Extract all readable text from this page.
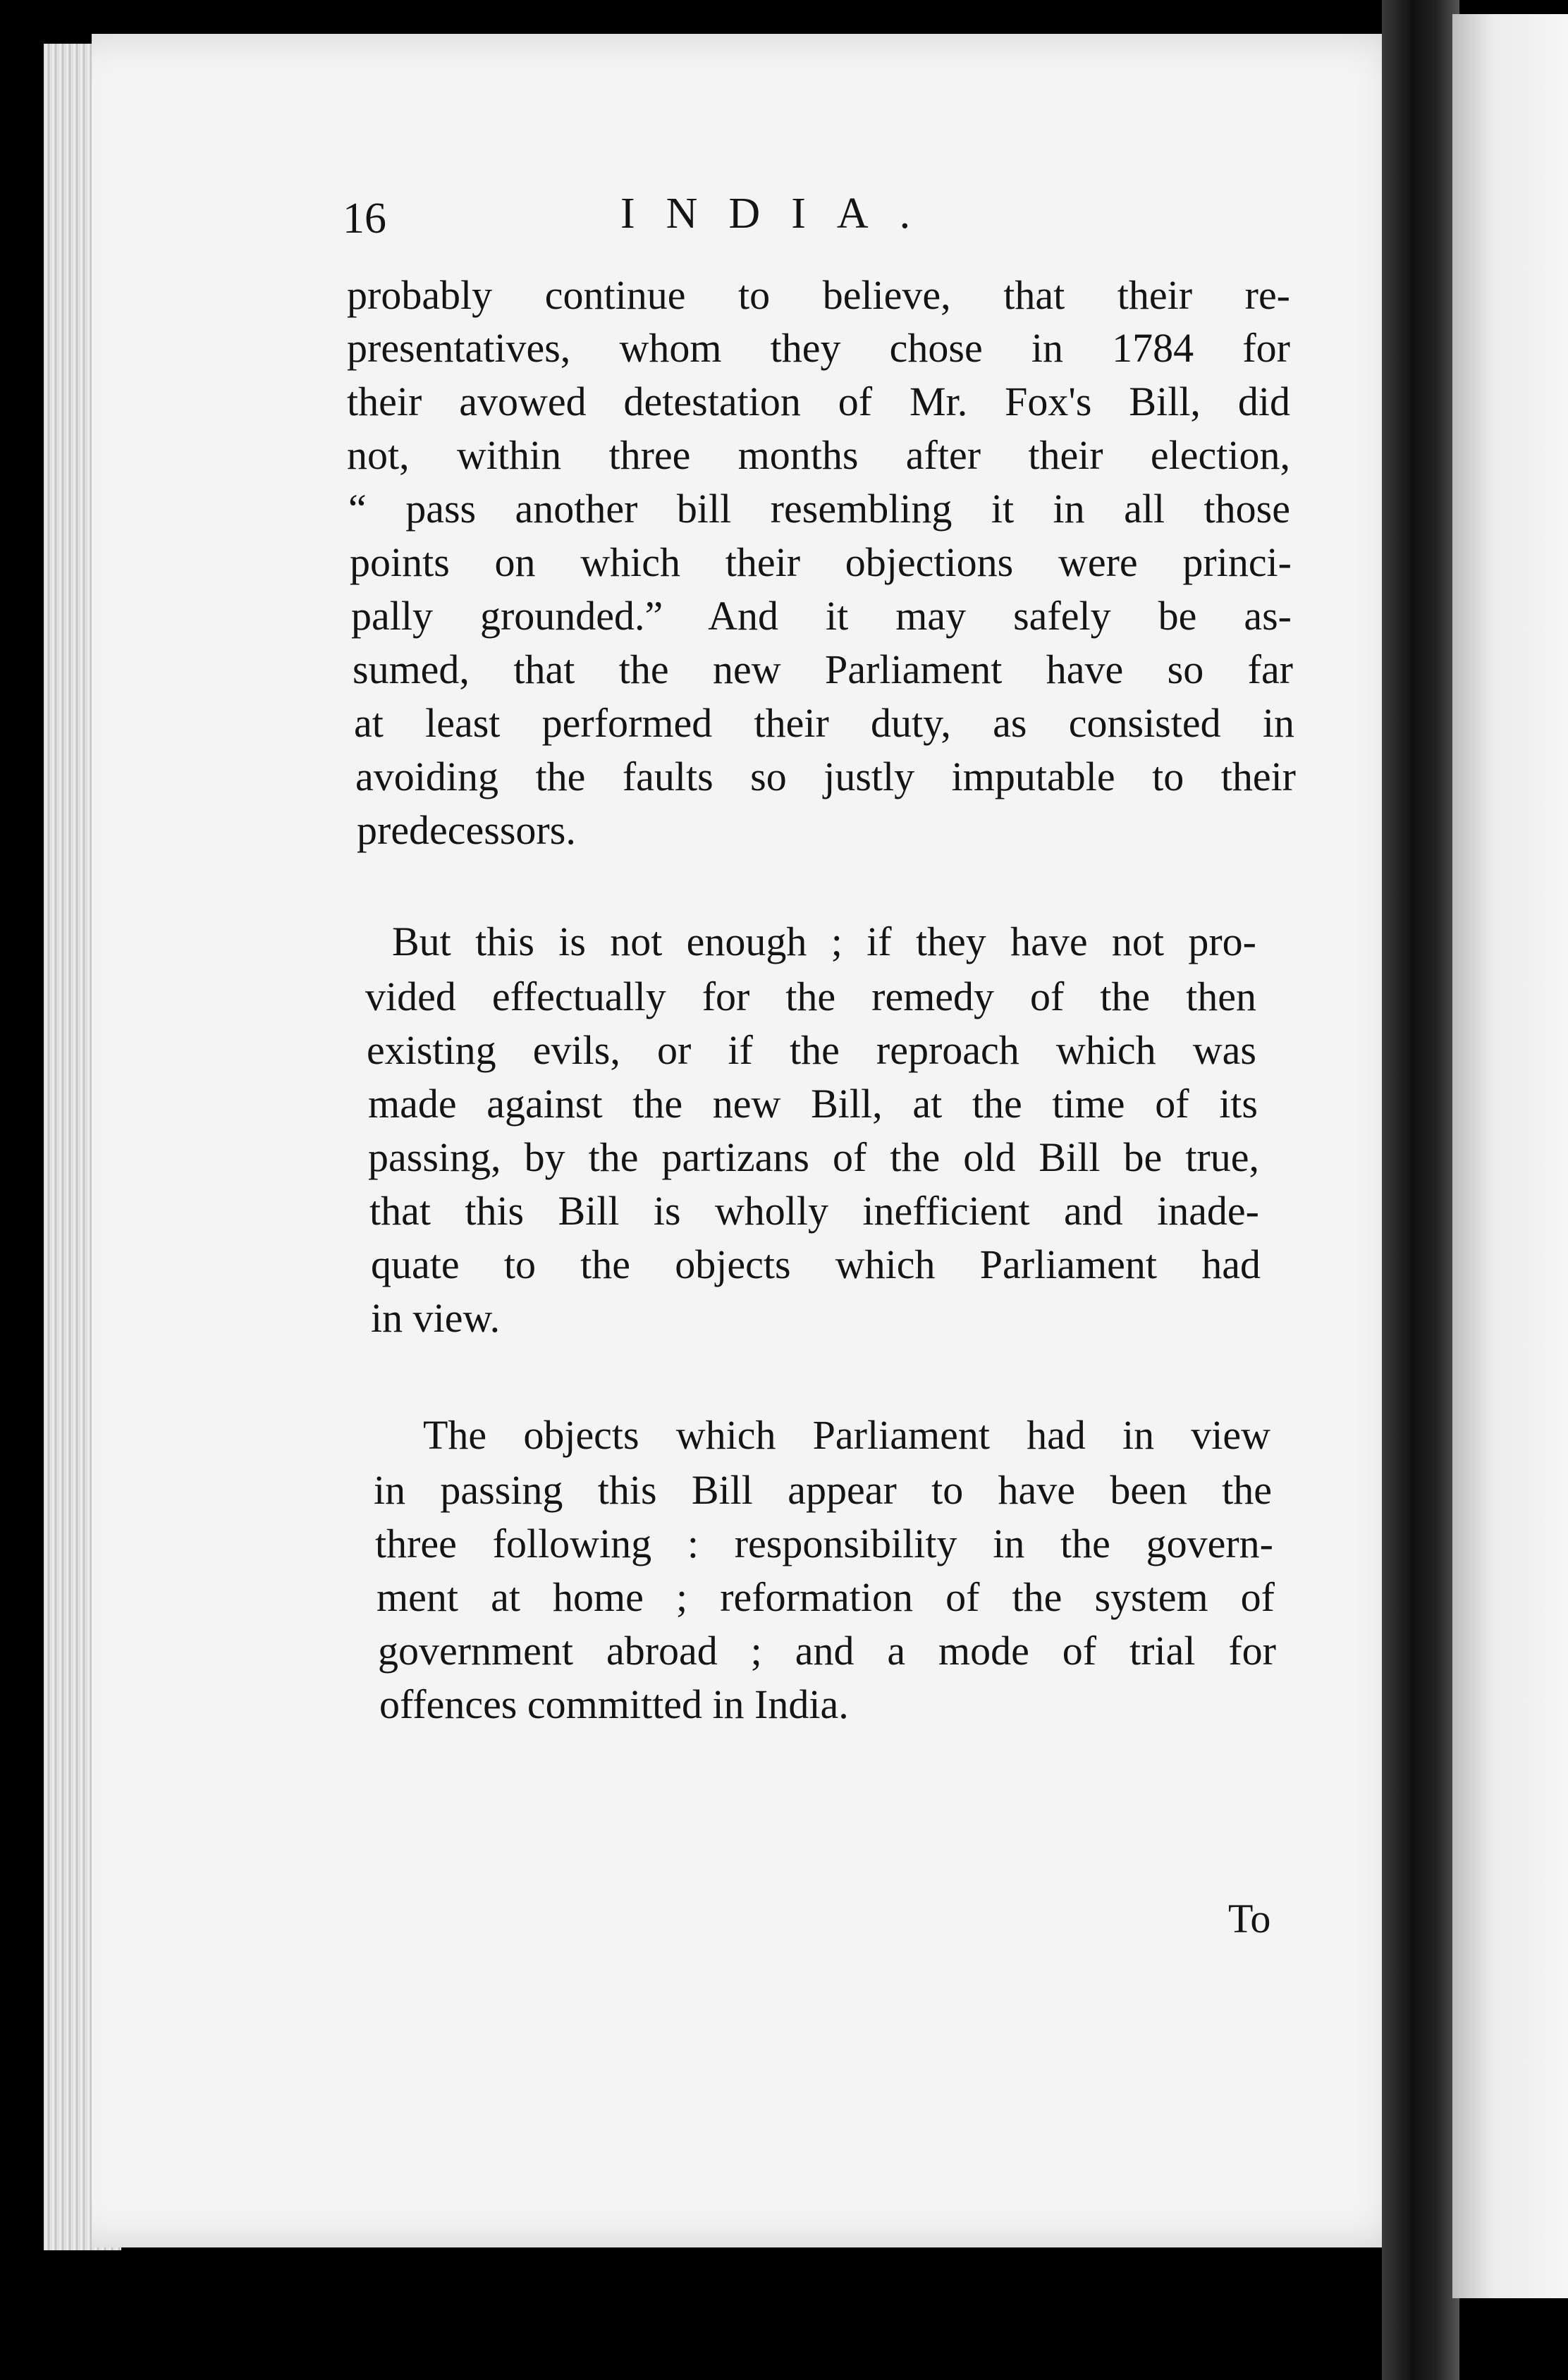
16	INDIA.
probably continue to believe, that their re-
presentatives, whom they chose in 1784 for
their avowed detestation of Mr. Fox's Bill, did
not, within three months after their election,
“ pass another bill resembling it in all those
points on which their objections were princi-
pally grounded.” And it may safely be as-
sumed, that the new Parliament have so far
at least performed their duty, as consisted in
avoiding the faults so justly imputable to their
predecessors.
But this is not enough ; if they have not pro-
vided effectually for the remedy of the then
existing evils, or if the reproach which was
made against the new Bill, at the time of its
passing, by the partizans of the old Bill be true,
that this Bill is wholly inefficient and inade-
quate to the objects which Parliament had
in view.
The objects which Parliament had in view
in passing this Bill appear to have been the
three following : responsibility in the govern-
ment at home ; reformation of the system of
government abroad ; and a mode of trial for
offences committed in India.
To
